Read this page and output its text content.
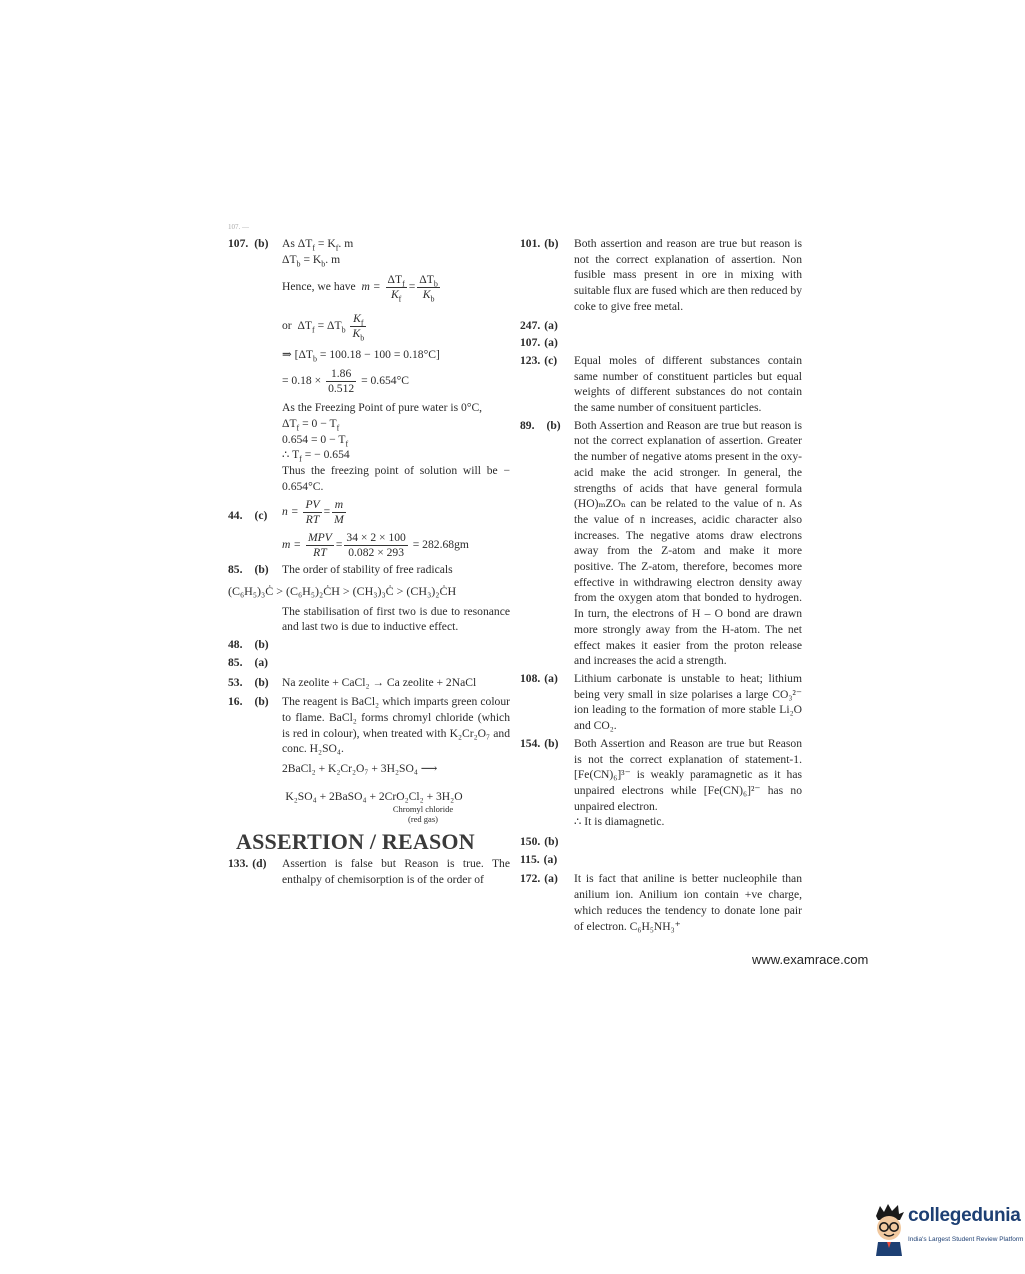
107. —
107. (b) As $\Delta T_f = K_f$. m
$\Delta T_b = K_b$. m
Hence, we have $m = \frac{\Delta T_f}{K_f} = \frac{\Delta T_b}{K_b}$
or $\Delta T_f = \Delta T_b \frac{K_f}{K_b}$
⇒ $[\Delta T_b = 100.18 - 100 = 0.18^\circ C]$
= $0.18 \times \frac{1.86}{0.512} = 0.654^\circ C$
As the Freezing Point of pure water is 0°C,
$\Delta T_f = 0 - T_f$
$0.654 = 0 - T_f$
∴ $T_f$ = − 0.654
Thus the freezing point of solution will be − 0.654°C.
44. (c) $n = \frac{PV}{RT} = \frac{m}{M}$
$m = \frac{\text{MPV}}{RT} = \frac{34 \times 2 \times 100}{0.082 \times 293} = 282.68gm$
85. (b) The order of stability of free radicals
(C₆H₅)₃Ċ > (C₆H₅)₂ĊH > (CH₃)₃Ċ > (CH₃)₂ĊH
The stabilisation of first two is due to resonance and last two is due to inductive effect.
48. (b)

85. (a)

53. (b) Na zeolite + CaCl₂ → Ca zeolite + 2NaCl
16. (b) The reagent is BaCl₂ which imparts green colour to flame. BaCl₂ forms chromyl chloride (which is red in colour), when treated with K₂Cr₂O₇ and conc. H₂SO₄.
2BaCl₂ + K₂Cr₂O₇ + 3H₂SO₄ ⟶
K₂SO₄ + 2BaSO₄ + 2CrO₂Cl₂ + 3H₂O
Chromyl chloride
(red gas)
ASSERTION / REASON
133. (d) Assertion is false but Reason is true. The enthalpy of chemisorption is of the order of
101. (b) Both assertion and reason are true but reason is not the correct explanation of assertion. Non fusible mass present in ore in mixing with suitable flux are fused which are then reduced by coke to give free metal.
247. (a)

107. (a)

123. (c) Equal moles of different substances contain same number of constituent particles but equal weights of different substances do not contain the same number of consituent particles.
89. (b) Both Assertion and Reason are true but reason is not the correct explanation of assertion. Greater the number of negative atoms present in the oxy-acid make the acid stronger. In general, the strengths of acids that have general formula (HO)ₘZOₙ can be related to the value of n. As the value of n increases, acidic character also increases. The negative atoms draw electrons away from the Z-atom and make it more positive. The Z-atom, therefore, becomes more effective in withdrawing electron density away from the oxygen atom that bonded to hydrogen. In turn, the electrons of H – O bond are drawn more strongly away from the H-atom. The net effect makes it easier from the proton release and increases the acid a strength.
108. (a) Lithium carbonate is unstable to heat; lithium being very small in size polarises a large CO₃²⁻ ion leading to the formation of more stable Li₂O and CO₂.
154. (b) Both Assertion and Reason are true but Reason is not the correct explanation of statement-1. [Fe(CN)₆]³⁻ is weakly paramagnetic as it has unpaired electrons while [Fe(CN)₆]²⁻ has no unpaired electron.
∴ It is diamagnetic.
150. (b)

115. (a)

172. (a) It is fact that aniline is better nucleophile than anilium ion. Anilium ion contain +ve charge, which reduces the tendency to donate lone pair of electron. C₆H₅NH₃⁺
www.examrace.com
collegedunia
India's Largest Student Review Platform
